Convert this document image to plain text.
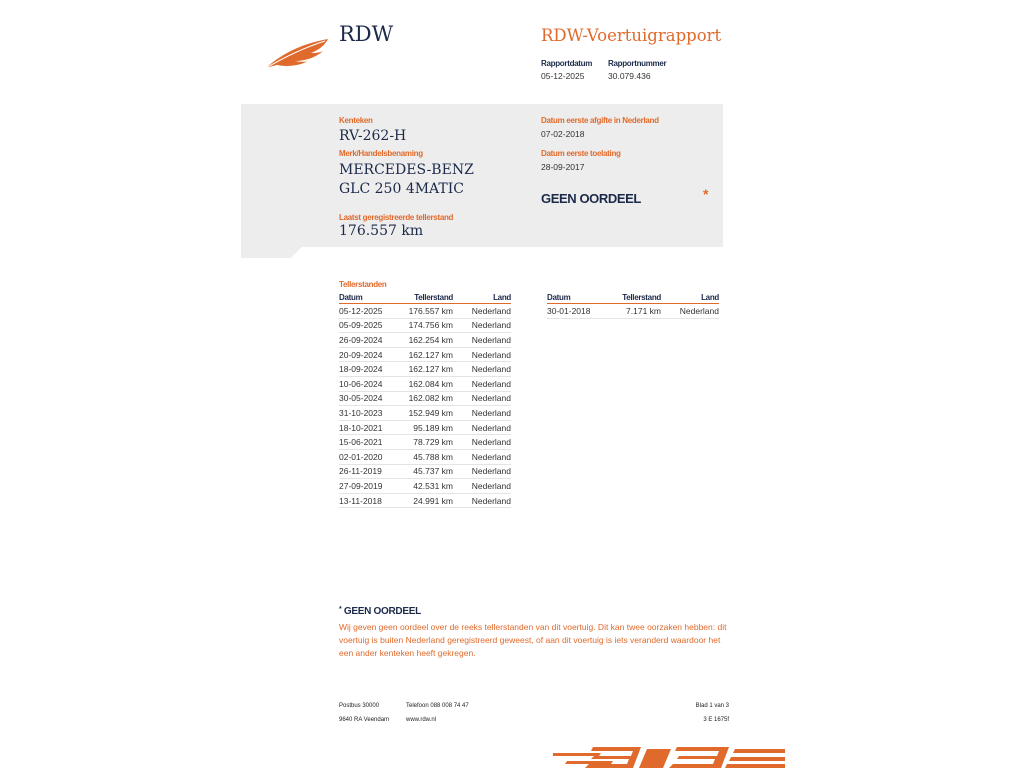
RDW	RDW-Voertuigrapport
Rapportdatum
05-12-2025
Rapportnummer
30.079.436
Kenteken
RV-262-H
Merk/Handelsbenaming
MERCEDES-BENZ
GLC 250 4MATIC
Laatst geregistreerde tellerstand
176.557 km
Datum eerste afgifte in Nederland
07-02-2018
Datum eerste toelating
28-09-2017
GEEN OORDEEL	*
Tellerstanden
Datum	Tellerstand	Land
05-12-2025	176.557 km	Nederland
05-09-2025	174.756 km	Nederland
26-09-2024	162.254 km	Nederland
20-09-2024	162.127 km	Nederland
18-09-2024	162.127 km	Nederland
10-06-2024	162.084 km	Nederland
30-05-2024	162.082 km	Nederland
31-10-2023	152.949 km	Nederland
18-10-2021	95.189 km	Nederland
15-06-2021	78.729 km	Nederland
02-01-2020	45.788 km	Nederland
26-11-2019	45.737 km	Nederland
27-09-2019	42.531 km	Nederland
13-11-2018	24.991 km	Nederland
Datum	Tellerstand	Land
30-01-2018	7.171 km	Nederland
* GEEN OORDEEL
Wij geven geen oordeel over de reeks tellerstanden van dit voertuig. Dit kan twee oorzaken hebben: dit voertuig is buiten Nederland geregistreerd geweest, of aan dit voertuig is iets veranderd waardoor het een ander kenteken heeft gekregen.
Postbus 30000
9640 RA Veendam
Telefoon 088 008 74 47
www.rdw.nl
Blad 1 van 3
3 E 1675f
